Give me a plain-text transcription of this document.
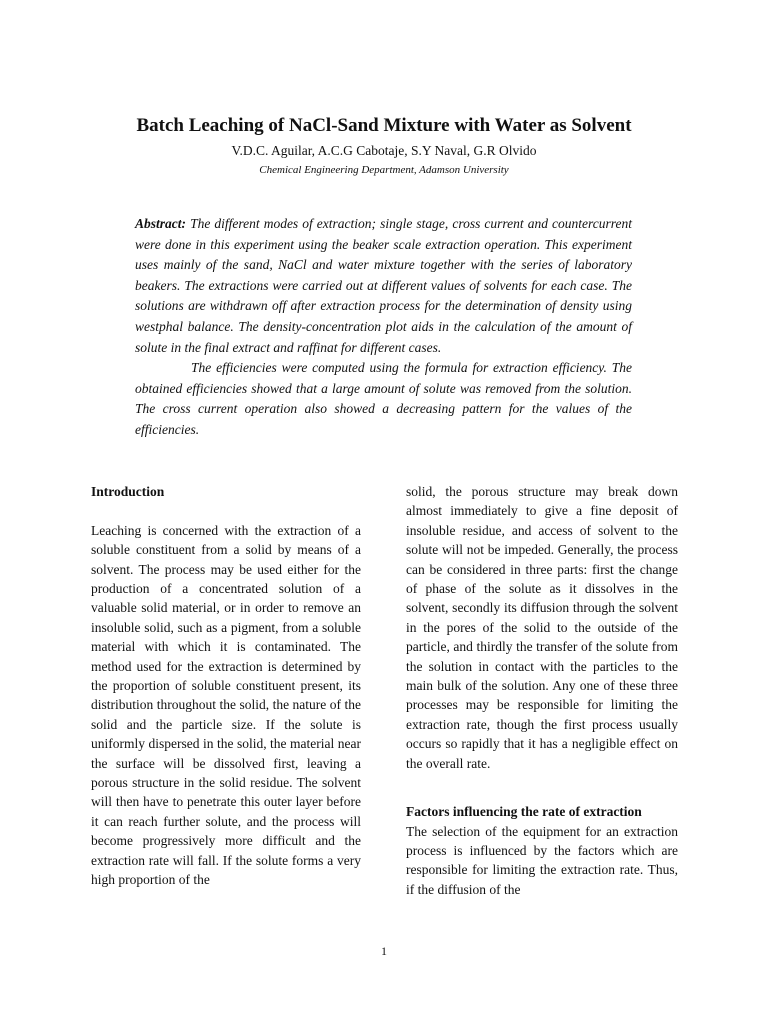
Batch Leaching of NaCl-Sand Mixture with Water as Solvent
V.D.C. Aguilar, A.C.G Cabotaje, S.Y Naval, G.R Olvido
Chemical Engineering Department, Adamson University

Abstract: The different modes of extraction; single stage, cross current and countercurrent were done in this experiment using the beaker scale extraction operation. This experiment uses mainly of the sand, NaCl and water mixture together with the series of laboratory beakers. The extractions were carried out at different values of solvents for each case. The solutions are withdrawn off after extraction process for the determination of density using westphal balance. The density-concentration plot aids in the calculation of the amount of solute in the final extract and raffinat for different cases.

The efficiencies were computed using the formula for extraction efficiency. The obtained efficiencies showed that a large amount of solute was removed from the solution. The cross current operation also showed a decreasing pattern for the values of the efficiencies.

Introduction

Leaching is concerned with the extraction of a soluble constituent from a solid by means of a solvent. The process may be used either for the production of a concentrated solution of a valuable solid material, or in order to remove an insoluble solid, such as a pigment, from a soluble material with which it is contaminated. The method used for the extraction is determined by the proportion of soluble constituent present, its distribution throughout the solid, the nature of the solid and the particle size. If the solute is uniformly dispersed in the solid, the material near the surface will be dissolved first, leaving a porous structure in the solid residue. The solvent will then have to penetrate this outer layer before it can reach further solute, and the process will become progressively more difficult and the extraction rate will fall. If the solute forms a very high proportion of the

solid, the porous structure may break down almost immediately to give a fine deposit of insoluble residue, and access of solvent to the solute will not be impeded. Generally, the process can be considered in three parts: first the change of phase of the solute as it dissolves in the solvent, secondly its diffusion through the solvent in the pores of the solid to the outside of the particle, and thirdly the transfer of the solute from the solution in contact with the particles to the main bulk of the solution. Any one of these three processes may be responsible for limiting the extraction rate, though the first process usually occurs so rapidly that it has a negligible effect on the overall rate.

Factors influencing the rate of extraction

The selection of the equipment for an extraction process is influenced by the factors which are responsible for limiting the extraction rate. Thus, if the diffusion of the

1
